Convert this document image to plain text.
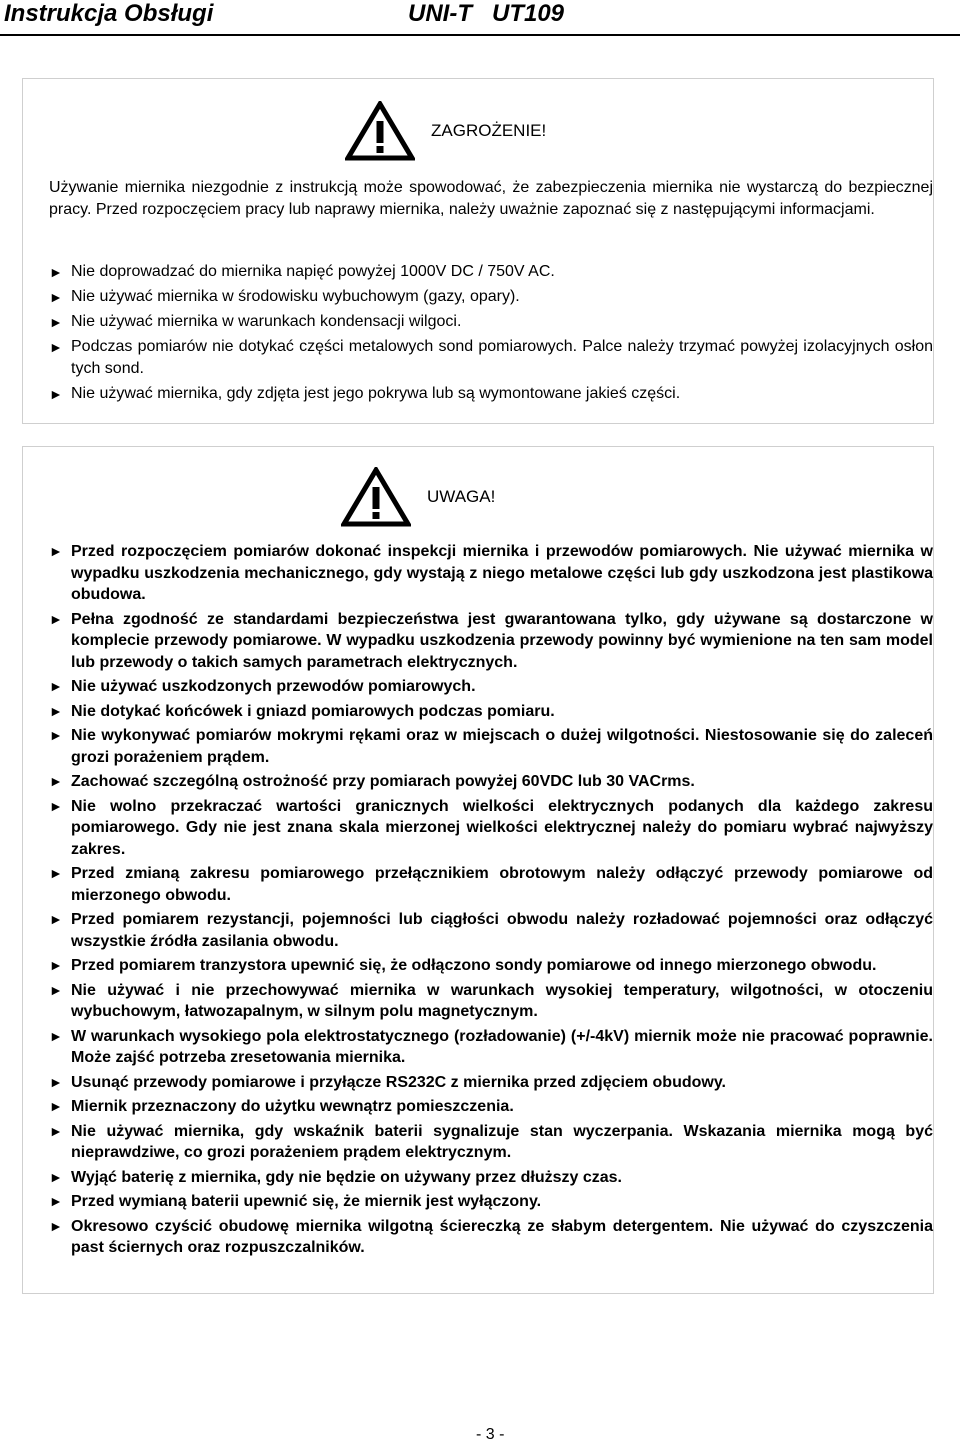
Instrukcja Obsługi	UNI-T   UT109
ZAGROŻENIE!
Używanie miernika niezgodnie z instrukcją może spowodować, że zabezpieczenia miernika nie wystarczą do bezpiecznej pracy. Przed rozpoczęciem pracy lub naprawy miernika, należy uważnie zapoznać się z następującymi informacjami.
► Nie doprowadzać do miernika napięć powyżej 1000V DC / 750V AC.
► Nie używać miernika w środowisku wybuchowym (gazy, opary).
► Nie używać miernika w warunkach kondensacji wilgoci.
► Podczas pomiarów nie dotykać części metalowych sond pomiarowych. Palce należy trzymać powyżej izolacyjnych osłon tych sond.
► Nie używać miernika, gdy zdjęta jest jego pokrywa lub są wymontowane jakieś części.
UWAGA!
► Przed rozpoczęciem pomiarów dokonać inspekcji miernika i przewodów pomiarowych. Nie używać miernika w wypadku uszkodzenia mechanicznego, gdy wystają z niego metalowe części lub gdy uszkodzona jest plastikowa obudowa.
► Pełna zgodność ze standardami bezpieczeństwa jest gwarantowana tylko, gdy używane są dostarczone w komplecie przewody pomiarowe. W wypadku uszkodzenia przewody powinny być wymienione na ten sam model lub przewody o takich samych parametrach elektrycznych.
► Nie używać uszkodzonych przewodów pomiarowych.
► Nie dotykać końcówek i gniazd pomiarowych podczas pomiaru.
► Nie wykonywać pomiarów mokrymi rękami oraz w miejscach o dużej wilgotności. Niestosowanie się do zaleceń grozi porażeniem prądem.
► Zachować szczególną ostrożność przy pomiarach powyżej 60VDC lub 30 VACrms.
► Nie wolno przekraczać wartości granicznych wielkości elektrycznych podanych dla każdego zakresu pomiarowego. Gdy nie jest znana skala mierzonej wielkości elektrycznej należy do pomiaru wybrać najwyższy zakres.
► Przed zmianą zakresu pomiarowego przełącznikiem obrotowym należy odłączyć przewody pomiarowe od mierzonego obwodu.
► Przed pomiarem rezystancji, pojemności lub ciągłości obwodu należy rozładować pojemności oraz odłączyć wszystkie źródła zasilania obwodu.
► Przed pomiarem tranzystora upewnić się, że odłączono sondy pomiarowe od innego mierzonego obwodu.
► Nie używać i nie przechowywać miernika w warunkach wysokiej temperatury, wilgotności, w otoczeniu wybuchowym, łatwozapalnym, w silnym polu magnetycznym.
► W warunkach wysokiego pola elektrostatycznego (rozładowanie) (+/-4kV) miernik może nie pracować poprawnie. Może zajść potrzeba zresetowania miernika.
► Usunąć przewody pomiarowe i przyłącze RS232C z miernika przed zdjęciem obudowy.
► Miernik przeznaczony do użytku wewnątrz pomieszczenia.
► Nie używać miernika, gdy wskaźnik baterii sygnalizuje stan wyczerpania. Wskazania miernika mogą być nieprawdziwe, co grozi porażeniem prądem elektrycznym.
► Wyjąć baterię z miernika, gdy nie będzie on używany przez dłuższy czas.
► Przed wymianą baterii upewnić się, że miernik jest wyłączony.
► Okresowo czyścić obudowę miernika wilgotną ściereczką ze słabym detergentem. Nie używać do czyszczenia past ściernych oraz rozpuszczalników.
- 3 -
